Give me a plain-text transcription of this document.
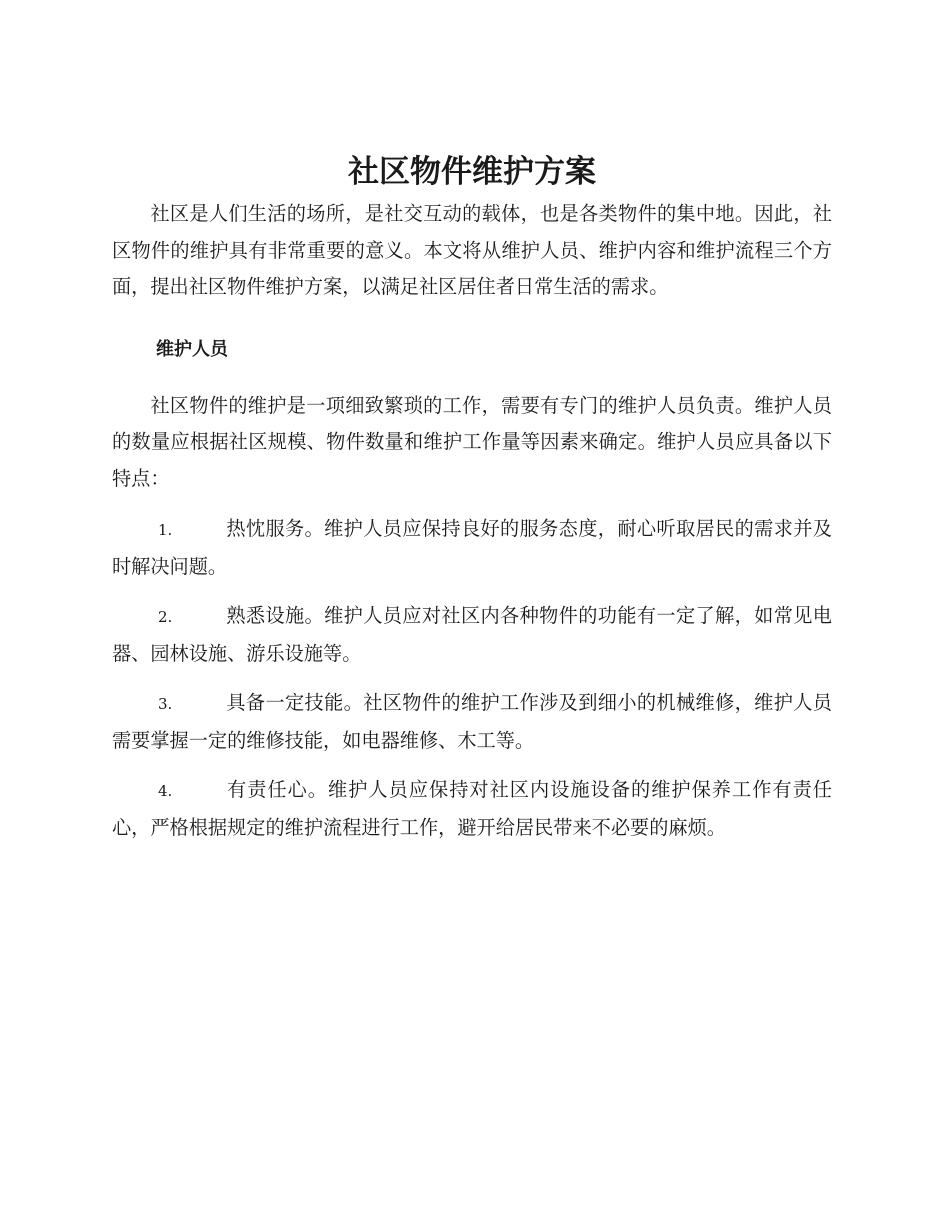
社区物件维护方案

社区是人们生活的场所，是社交互动的载体，也是各类物件的集中地。因此，社区物件的维护具有非常重要的意义。本文将从维护人员、维护内容和维护流程三个方面，提出社区物件维护方案，以满足社区居住者日常生活的需求。

维护人员

社区物件的维护是一项细致繁琐的工作，需要有专门的维护人员负责。维护人员的数量应根据社区规模、物件数量和维护工作量等因素来确定。维护人员应具备以下特点：

1.	热忱服务。维护人员应保持良好的服务态度，耐心听取居民的需求并及时解决问题。
2.	熟悉设施。维护人员应对社区内各种物件的功能有一定了解，如常见电器、园林设施、游乐设施等。
3.	具备一定技能。社区物件的维护工作涉及到细小的机械维修，维护人员需要掌握一定的维修技能，如电器维修、木工等。
4.	有责任心。维护人员应保持对社区内设施设备的维护保养工作有责任心，严格根据规定的维护流程进行工作，避开给居民带来不必要的麻烦。
